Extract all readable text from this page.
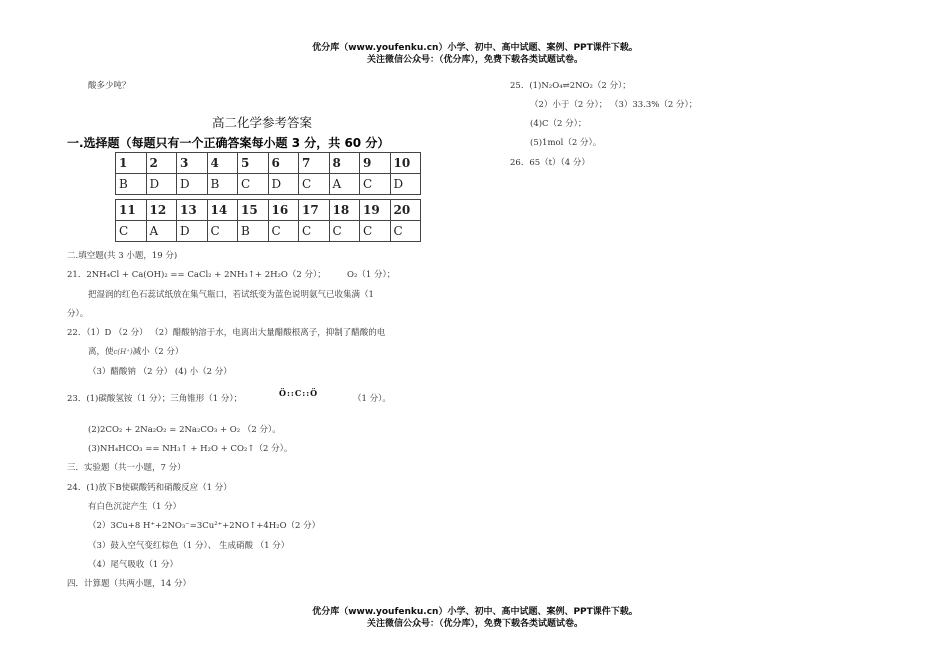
优分库（www.youfenku.cn）小学、初中、高中试题、案例、PPT课件下载。
关注微信公众号：（优分库），免费下载各类试题试卷。
酸多少吨？
高二化学参考答案
一.选择题（每题只有一个正确答案每小题 3 分，共 60 分）
1	2	3	4	5	6	7	8	9	10
B	D	D	B	C	D	C	A	C	D

11	12	13	14	15	16	17	18	19	20
C	A	D	C	B	C	C	C	C	C
二.填空题(共 3 小题，19 分)
21．2NH₄Cl + Ca(OH)₂ == CaCl₂ + 2NH₃↑+ 2H₂O（2 分）； O₂（1 分）；
把湿润的红色石蕊试纸放在集气瓶口，若试纸变为蓝色说明氨气已收集满（1
分）。
22．（1）D （2 分） （2）醋酸钠溶于水，电离出大量醋酸根离子，抑制了醋酸的电
离，使c(H⁺)减小（2 分）
（3）醋酸钠 （2 分） (4) 小（2 分）
23．(1)碳酸氢铵（1 分）；三角锥形（1 分）；
Ö::C::Ö
（1 分）。
(2)2CO₂ + 2Na₂O₂ = 2Na₂CO₃ + O₂ （2 分）。
(3)NH₄HCO₃ == NH₃↑ + H₂O + CO₂↑（2 分）。
三．实验题（共一小题，7 分）
24．(1)放下B使碳酸钙和硝酸反应（1 分）
有白色沉淀产生（1 分）
（2）3Cu+8 H⁺+2NO₃⁻=3Cu²⁺+2NO↑+4H₂O（2 分）
（3）鼓入空气变红棕色（1 分）、 生成硝酸 （1 分）
（4）尾气吸收（1 分）
四．计算题（共两小题，14 分）
25．(1)N₂O₄⇌2NO₂（2 分）；
（2）小于（2 分）； （3）33.3%（2 分）；
(4)C（2 分）；
(5)1mol（2 分）。
26．65（t）（4 分）
优分库（www.youfenku.cn）小学、初中、高中试题、案例、PPT课件下载。
关注微信公众号：（优分库），免费下载各类试题试卷。
